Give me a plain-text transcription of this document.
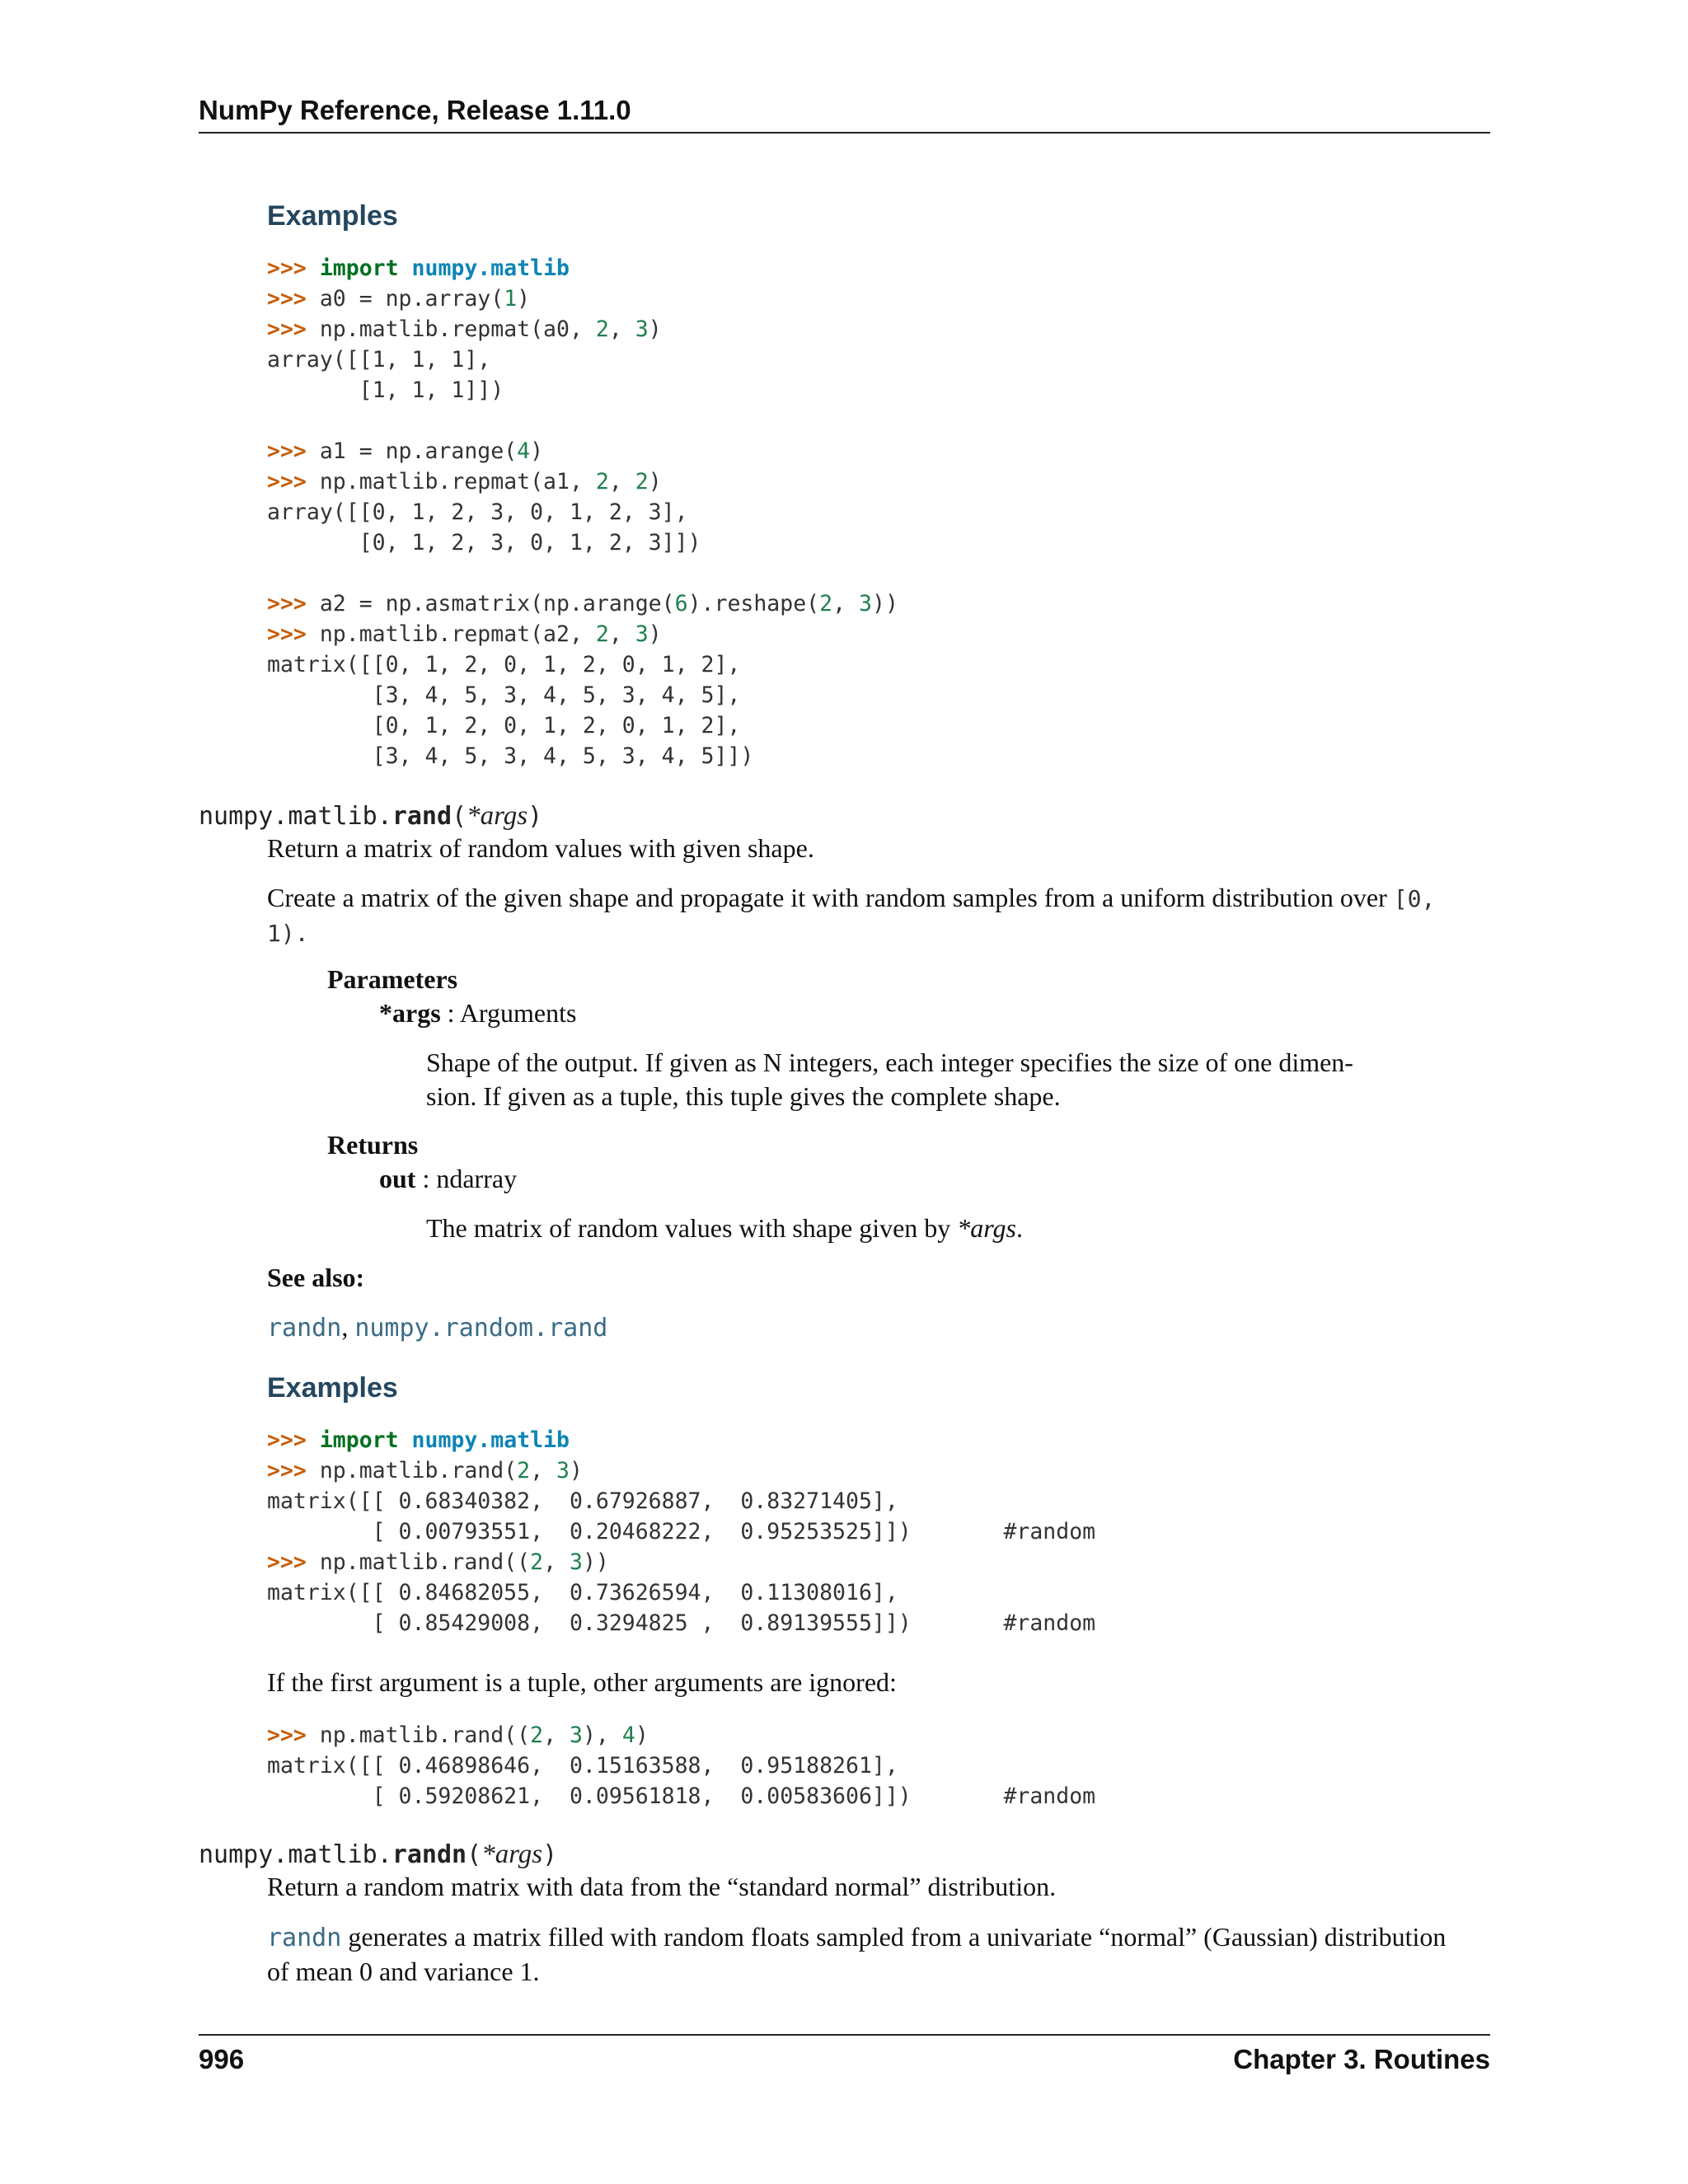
NumPy Reference, Release 1.11.0
Examples
>>> import numpy.matlib
>>> a0 = np.array(1)
>>> np.matlib.repmat(a0, 2, 3)
array([[1, 1, 1],
[1, 1, 1]])

>>> a1 = np.arange(4)
>>> np.matlib.repmat(a1, 2, 2)
array([[0, 1, 2, 3, 0, 1, 2, 3],
[0, 1, 2, 3, 0, 1, 2, 3]])

>>> a2 = np.asmatrix(np.arange(6).reshape(2, 3))
>>> np.matlib.repmat(a2, 2, 3)
matrix([[0, 1, 2, 0, 1, 2, 0, 1, 2],
[3, 4, 5, 3, 4, 5, 3, 4, 5],
[0, 1, 2, 0, 1, 2, 0, 1, 2],
[3, 4, 5, 3, 4, 5, 3, 4, 5]])
numpy.matlib.rand(*args)
Return a matrix of random values with given shape.
Create a matrix of the given shape and propagate it with random samples from a uniform distribution over [0,
1).
Parameters
*args : Arguments
Shape of the output. If given as N integers, each integer specifies the size of one dimen-
sion. If given as a tuple, this tuple gives the complete shape.
Returns
out : ndarray
The matrix of random values with shape given by *args.
See also:
randn, numpy.random.rand
Examples
>>> import numpy.matlib
>>> np.matlib.rand(2, 3)
matrix([[ 0.68340382,  0.67926887,  0.83271405],
[ 0.00793551,  0.20468222,  0.95253525]])       #random
>>> np.matlib.rand((2, 3))
matrix([[ 0.84682055,  0.73626594,  0.11308016],
[ 0.85429008,  0.3294825 ,  0.89139555]])       #random
If the first argument is a tuple, other arguments are ignored:
>>> np.matlib.rand((2, 3), 4)
matrix([[ 0.46898646,  0.15163588,  0.95188261],
[ 0.59208621,  0.09561818,  0.00583606]])       #random
numpy.matlib.randn(*args)
Return a random matrix with data from the “standard normal” distribution.
randn generates a matrix filled with random floats sampled from a univariate “normal” (Gaussian) distribution
of mean 0 and variance 1.
996	Chapter 3. Routines
